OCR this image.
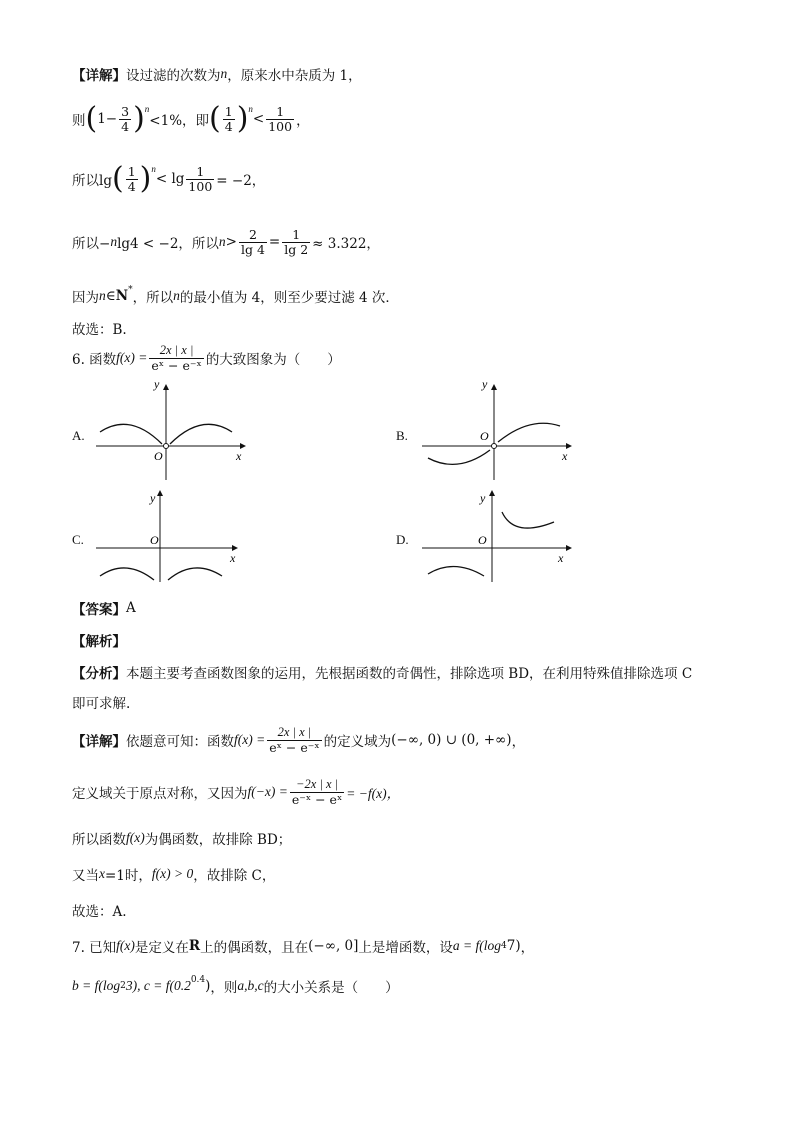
【详解】 设过滤的次数为 n ，原来水中杂质为 1，
则 ( $1- \frac{3}{4} )^n$
<1%，即 ( $\frac{1}{4} )^n$
< $\frac{1}{100}$ ，
所以lg ( $\frac{1}{4} )^n$
< $\lg \frac{1}{100} = -2$，
所以− n lg4 < −2，所以 $n > \frac{2}{\lg 4} = \frac{1}{\lg 2} \approx 3.322$，
因为 n ∈ N* ，所以 n 的最小值为 4，则至少要过滤 4 次．
故选：B.
6. 函数 $f(x) = \frac{2x | x |}{\text{eˣ − e⁻ˣ}}$ 的大致图象为（　　）
A.
y
O	x
B.
y
O
x
C.
y
O
x
D.
y
O
x
【答案】 A
【解析】
【分析】 本题主要考查函数图象的运用，先根据函数的奇偶性，排除选项 BD，在利用特殊值排除选项 C
即可求解.
【详解】 依题意可知：函数 $f(x) = \frac{2x | x |}{\text{eˣ − e⁻ˣ}}$ 的定义域为 (−∞, 0) ∪ (0, +∞) ，
定义域关于原点对称，又因为 $f(-x) = \frac{-2x | x |}{\text{e⁻ˣ − eˣ}} = -f(x)$，
所以函数 f(x) 为偶函数，故排除 BD；
又当 x =1时， f(x) > 0 ，故排除 C，
故选：A.
7. 已知 f(x) 是定义在 R 上的偶函数，且在 (−∞, 0] 上是增函数，设 a = f(log 4 7) ，
b = f(log 2 3), $c = f(0.2^{0.4}$ ) ，则 a,b,c 的大小关系是（　　）
